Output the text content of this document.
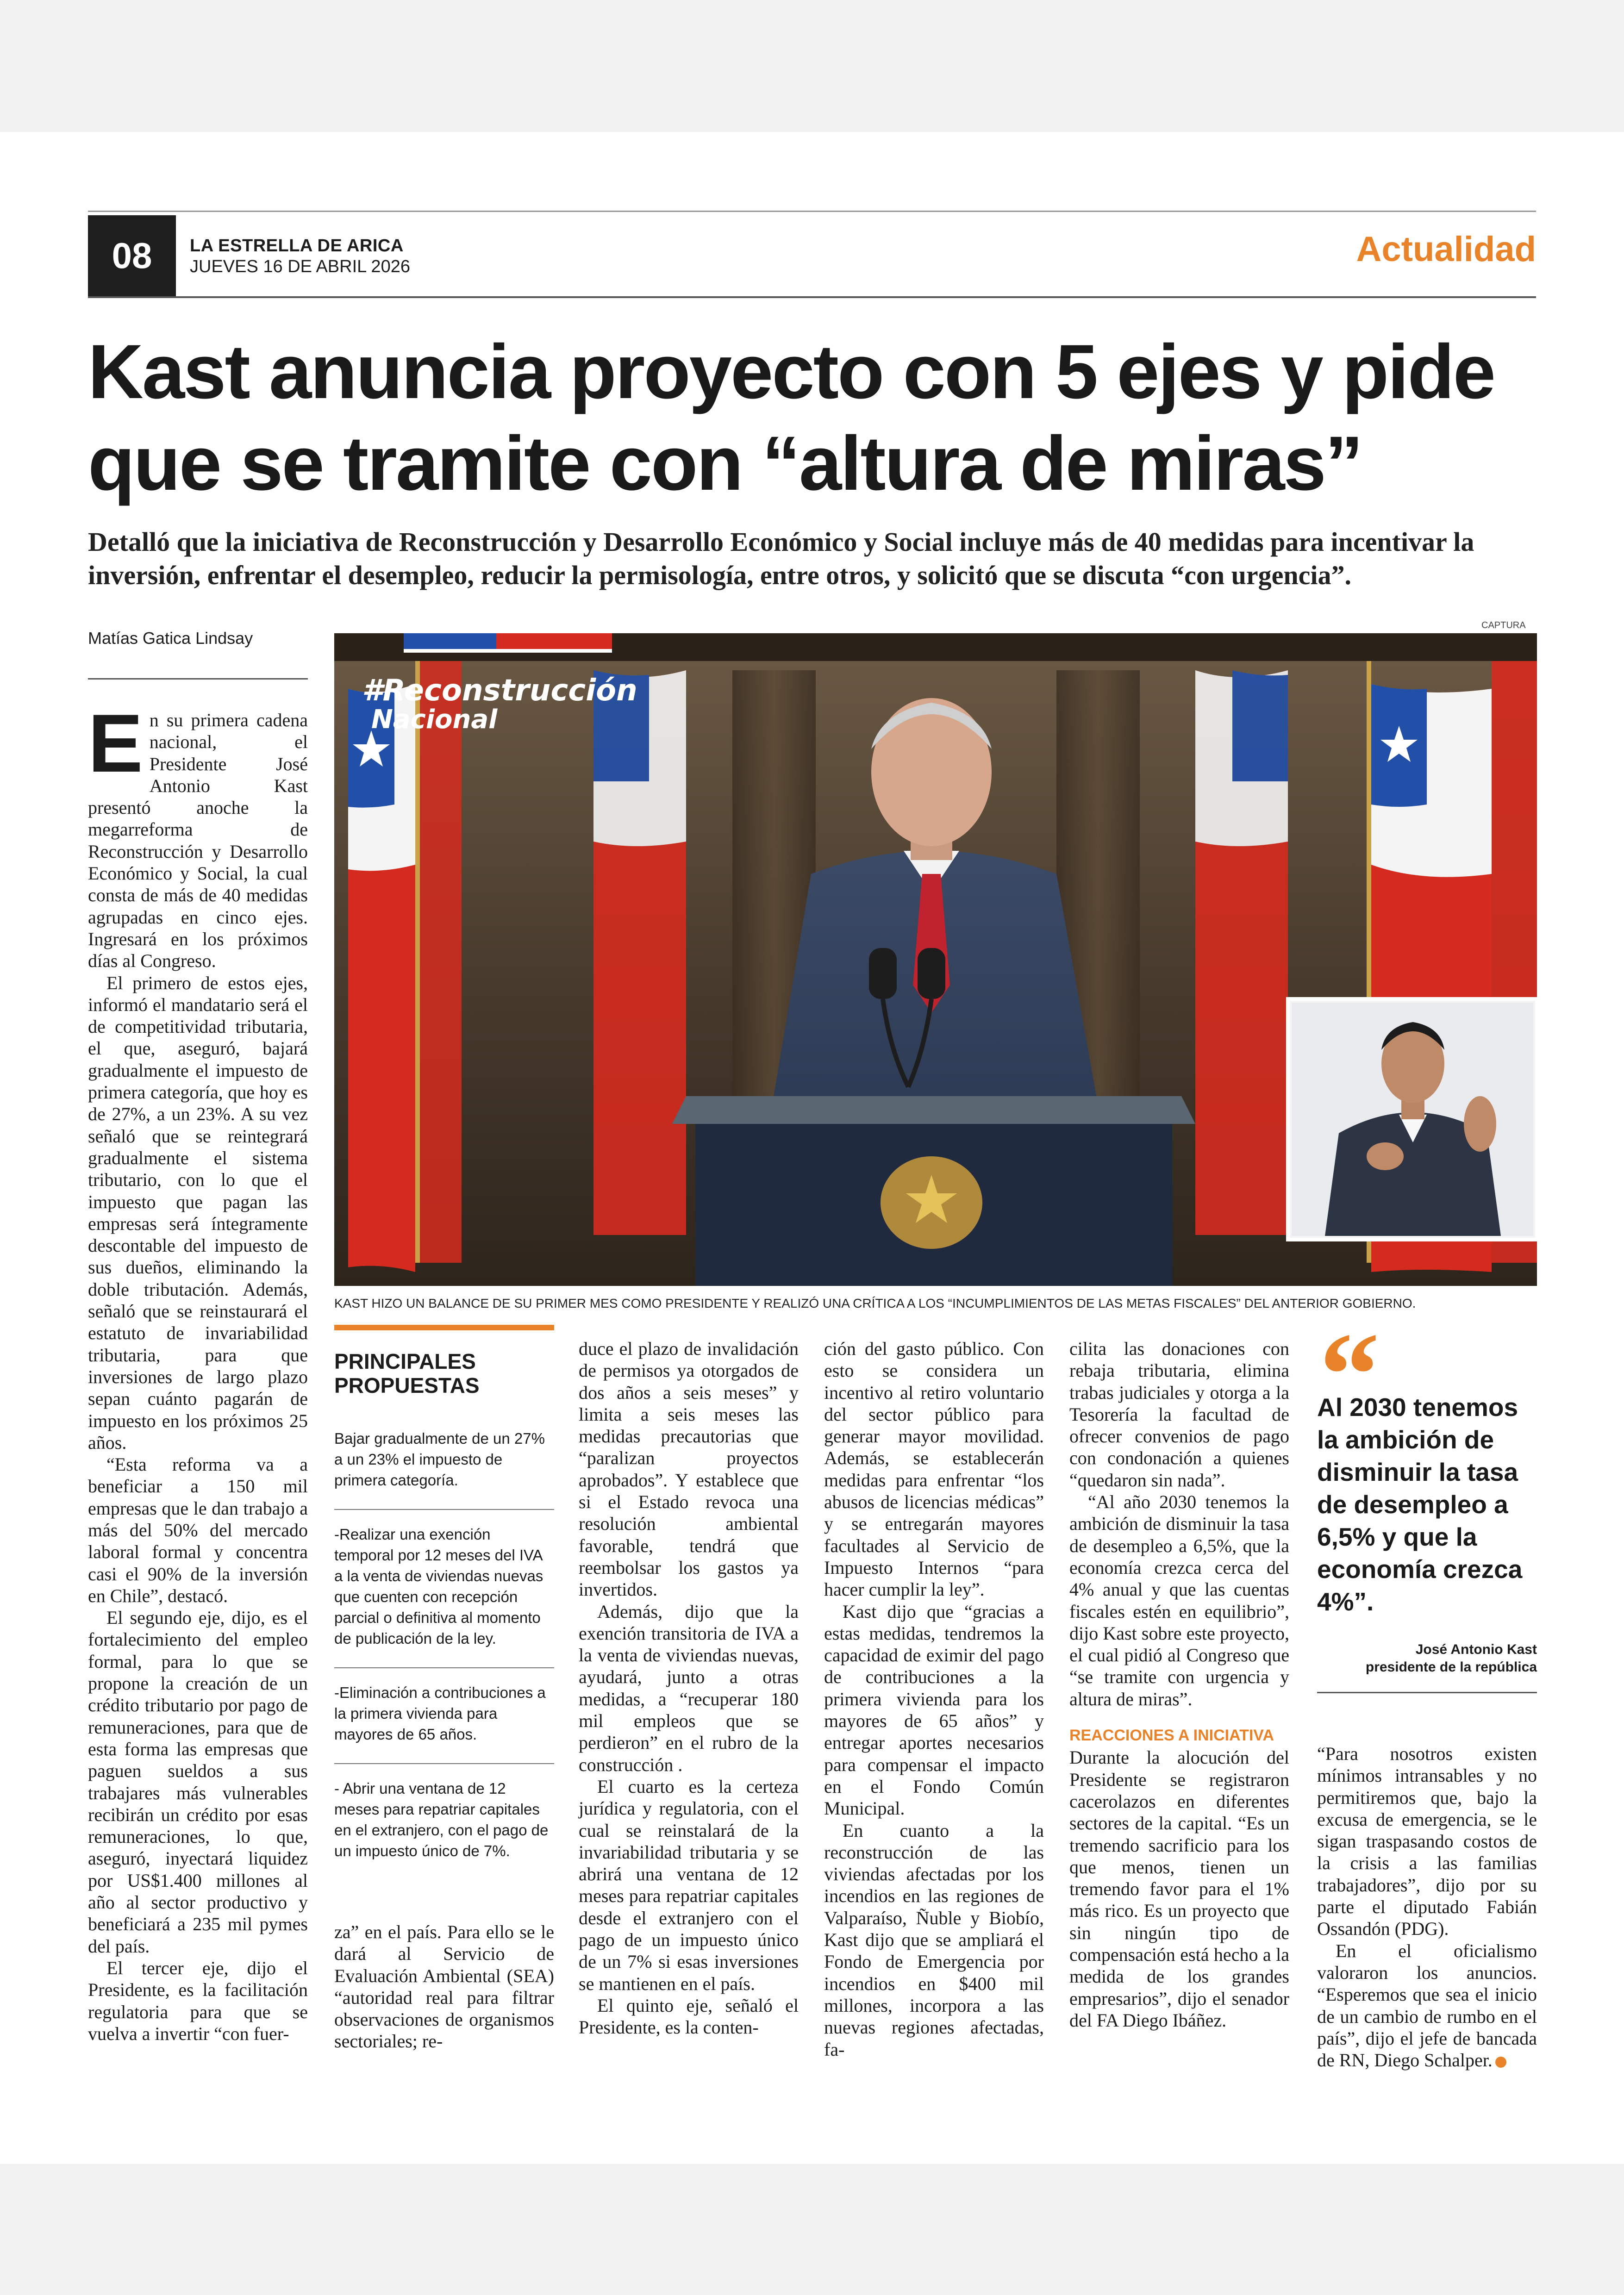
08	LA ESTRELLA DE ARICA
JUEVES 16 DE ABRIL 2026	Actualidad
Kast anuncia proyecto con 5 ejes y pide
que se tramite con “altura de miras”
Detalló que la iniciativa de Reconstrucción y Desarrollo Económico y Social incluye más de 40 medidas para incentivar la inversión, enfrentar el desempleo, reducir la permisología, entre otros, y solicitó que se discuta “con urgencia”.
Matías Gatica Lindsay
CAPTURA
#Reconstrucción
Nacional
KAST HIZO UN BALANCE DE SU PRIMER MES COMO PRESIDENTE Y REALIZÓ UNA CRÍTICA A LOS “INCUMPLIMIENTOS DE LAS METAS FISCALES” DEL ANTERIOR GOBIERNO.

En su primera cadena nacional, el Presidente José Antonio Kast presentó anoche la megarreforma de Reconstrucción y Desarrollo Económico y Social, la cual consta de más de 40 medidas agrupadas en cinco ejes. Ingresará en los próximos días al Congreso.

El primero de estos ejes, informó el mandatario será el de competitividad tributaria, el que, aseguró, bajará gradualmente el impuesto de primera categoría, que hoy es de 27%, a un 23%. A su vez señaló que se reintegrará gradualmente el sistema tributario, con lo que el impuesto que pagan las empresas será íntegramente descontable del impuesto de sus dueños, eliminando la doble tributación. Además, señaló que se reinstaurará el estatuto de invariabilidad tributaria, para que inversiones de largo plazo sepan cuánto pagarán de impuesto en los próximos 25 años.

“Esta reforma va a beneficiar a 150 mil empresas que le dan trabajo a más del 50% del mercado laboral formal y concentra casi el 90% de la inversión en Chile”, destacó.

El segundo eje, dijo, es el fortalecimiento del empleo formal, para lo que se propone la creación de un crédito tributario por pago de remuneraciones, para que de esta forma las empresas que paguen sueldos a sus trabajares más vulnerables recibirán un crédito por esas remuneraciones, lo que, aseguró, inyectará liquidez por US$1.400 millones al año al sector productivo y beneficiará a 235 mil pymes del país.

El tercer eje, dijo el Presidente, es la facilitación regulatoria para que se vuelva a invertir “con fuer-

PRINCIPALES PROPUESTAS
Bajar gradualmente de un 27% a un 23% el impuesto de primera categoría.
-Realizar una exención temporal por 12 meses del IVA a la venta de viviendas nuevas que cuenten con recepción parcial o definitiva al momento de publicación de la ley.
-Eliminación a contribuciones a la primera vivienda para mayores de 65 años.
- Abrir una ventana de 12 meses para repatriar capitales en el extranjero, con el pago de un impuesto único de 7%.

za” en el país. Para ello se le dará al Servicio de Evaluación Ambiental (SEA) “autoridad real para filtrar observaciones de organismos sectoriales; re-

duce el plazo de invalidación de permisos ya otorgados de dos años a seis meses” y limita a seis meses las medidas precautorias que “paralizan proyectos aprobados”. Y establece que si el Estado revoca una resolución ambiental favorable, tendrá que reembolsar los gastos ya invertidos.

Además, dijo que la exención transitoria de IVA a la venta de viviendas nuevas, ayudará, junto a otras medidas, a “recuperar 180 mil empleos que se perdieron” en el rubro de la construcción .

El cuarto es la certeza jurídica y regulatoria, con el cual se reinstalará de la invariabilidad tributaria y se abrirá una ventana de 12 meses para repatriar capitales desde el extranjero con el pago de un impuesto único de un 7% si esas inversiones se mantienen en el país.

El quinto eje, señaló el Presidente, es la conten-

ción del gasto público. Con esto se considera un incentivo al retiro voluntario del sector público para generar mayor movilidad. Además, se establecerán medidas para enfrentar “los abusos de licencias médicas” y se entregarán mayores facultades al Servicio de Impuesto Internos “para hacer cumplir la ley”.

Kast dijo que “gracias a estas medidas, tendremos la capacidad de eximir del pago de contribuciones a la primera vivienda para los mayores de 65 años” y entregar aportes necesarios para compensar el impacto en el Fondo Común Municipal.

En cuanto a la reconstrucción de las viviendas afectadas por los incendios en las regiones de Valparaíso, Ñuble y Biobío, Kast dijo que se ampliará el Fondo de Emergencia por incendios en $400 mil millones, incorpora a las nuevas regiones afectadas, fa-

cilita las donaciones con rebaja tributaria, elimina trabas judiciales y otorga a la Tesorería la facultad de ofrecer convenios de pago con condonación a quienes “quedaron sin nada”.

“Al año 2030 tenemos la ambición de disminuir la tasa de desempleo a 6,5%, que la economía crezca cerca del 4% anual y que las cuentas fiscales estén en equilibrio”, dijo Kast sobre este proyecto, el cual pidió al Congreso que “se tramite con urgencia y altura de miras”.

REACCIONES A INICIATIVA

Durante la alocución del Presidente se registraron cacerolazos en diferentes sectores de la capital. “Es un tremendo sacrificio para los que menos, tienen un tremendo favor para el 1% más rico. Es un proyecto que sin ningún tipo de compensación está hecho a la medida de los grandes empresarios”, dijo el senador del FA Diego Ibáñez.

“
Al 2030 tenemos la ambición de disminuir la tasa de desempleo a 6,5% y que la economía crezca 4%”.
José Antonio Kast
presidente de la república

“Para nosotros existen mínimos intransables y no permitiremos que, bajo la excusa de emergencia, se le sigan traspasando costos de la crisis a las familias trabajadores”, dijo por su parte el diputado Fabián Ossandón (PDG).

En el oficialismo valoraron los anuncios. “Esperemos que sea el inicio de un cambio de rumbo en el país”, dijo el jefe de bancada de RN, Diego Schalper.
